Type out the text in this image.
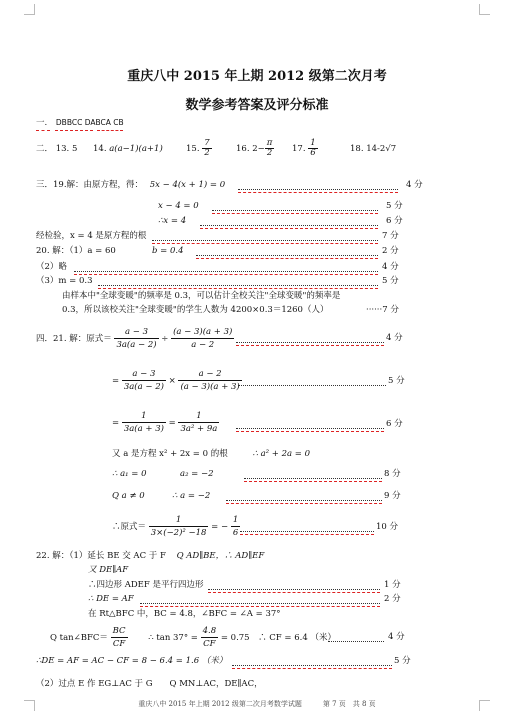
重庆八中 2015 年上期 2012 级第二次月考
数学参考答案及评分标准
一. DBBCC DABCA CB
二． 13. 5 14. a(a−1)(a+1)	15. $\frac{7}{2}$	16. $2- \frac{\pi}{2} 17$. $\frac{1}{6}$	18. 14-2√7
三．19.解：由原方程，得： 5x − 4(x + 1) = 0	4 分
x − 4 = 0	5 分
∴x = 4	6 分
经检验，x = 4 是原方程的根	7 分
20. 解：（1）a = 60	b = 0.4	2 分
（2）略	4 分
（3）m = 0.3	5 分
由样本中"全球变暖"的频率是 0.3，可以估计全校关注"全球变暖"的频率是
0.3，所以该校关注"全球变暖"的学生人数为 4200×0.3＝1260（人）	······7 分
四．21. 解：原式＝ $\frac{a - 3}{3a(a - 2)} \div \frac{(a - 3)(a + 3)}{a - 2}$	4 分
= $\frac{a - 3}{3a(a - 2)} \times \frac{a - 2}{(a - 3)(a + 3)}$	5 分
= $\frac{1}{3a(a + 3)} = \frac{1}{\text{3a² + 9a}}$	6 分
又 a 是方程 x² + 2x = 0 的根	∴ a² + 2a = 0
∴ a₁ = 0	a₂ = −2	8 分
Q a ≠ 0	∴ a = −2	9 分
∴原式＝ $\frac{1}{\text{3×(−2)² −18}}$ = − $\frac{1}{6}$	10 分
22. 解：（1）延长 BE 交 AC 于 F Q AD∥BE，∴ AD∥EF
又 DE∥AF
∴四边形 ADEF 是平行四边形	1 分
∴ DE = AF	2 分
在 Rt△BFC 中，BC = 4.8，∠BFC = ∠A = 37°
Q tan∠BFC＝ $\frac{BC}{CF}$ ∴ $\tan 37^\circ = \frac{4.8}{CF} = 0.75$　∴ CF = 6.4 （米）	4 分
∴DE = AF = AC − CF = 8 − 6.4 = 1.6 （米）	5 分
（2）过点 E 作 EG⊥AC 于 G　　Q MN⊥AC，DE∥AC，
重庆八中 2015 年上期 2012 级第二次月考数学试题　　　第 7 页　共 8 页
